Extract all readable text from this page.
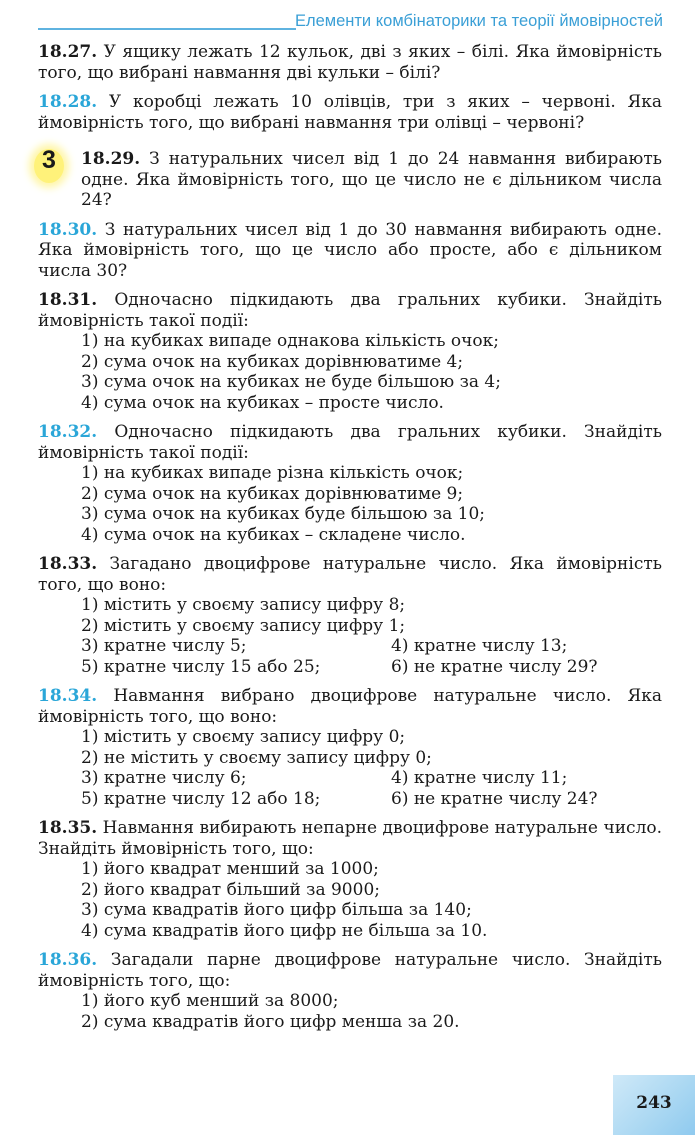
Елементи комбінаторики та теорії ймовірностей
18.27. У ящику лежать 12 кульок, дві з яких – білі. Яка ймовірність того, що вибрані навмання дві кульки – білі?
18.28. У коробці лежать 10 олівців, три з яких – червоні. Яка ймовірність того, що вибрані навмання три олівці – червоні?
3	18.29. З натуральних чисел від 1 до 24 навмання вибирають одне. Яка ймовірність того, що це число не є дільником числа 24?
18.30. З натуральних чисел від 1 до 30 навмання вибирають одне. Яка ймовірність того, що це число або просте, або є дільником числа 30?
18.31. Одночасно підкидають два гральних кубики. Знайдіть ймовірність такої події:
1) на кубиках випаде однакова кількість очок;
2) сума очок на кубиках дорівнюватиме 4;
3) сума очок на кубиках не буде більшою за 4;
4) сума очок на кубиках – просте число.
18.32. Одночасно підкидають два гральних кубики. Знайдіть ймовірність такої події:
1) на кубиках випаде різна кількість очок;
2) сума очок на кубиках дорівнюватиме 9;
3) сума очок на кубиках буде більшою за 10;
4) сума очок на кубиках – складене число.
18.33. Загадано двоцифрове натуральне число. Яка ймовірність того, що воно:
1) містить у своєму запису цифру 8;
2) містить у своєму запису цифру 1;
3) кратне числу 5;	4) кратне числу 13;
5) кратне числу 15 або 25;	6) не кратне числу 29?
18.34. Навмання вибрано двоцифрове натуральне число. Яка ймовірність того, що воно:
1) містить у своєму запису цифру 0;
2) не містить у своєму запису цифру 0;
3) кратне числу 6;	4) кратне числу 11;
5) кратне числу 12 або 18;	6) не кратне числу 24?
18.35. Навмання вибирають непарне двоцифрове натуральне число. Знайдіть ймовірність того, що:
1) його квадрат менший за 1000;
2) його квадрат більший за 9000;
3) сума квадратів його цифр більша за 140;
4) сума квадратів його цифр не більша за 10.
18.36. Загадали парне двоцифрове натуральне число. Знайдіть ймовірність того, що:
1) його куб менший за 8000;
2) сума квадратів його цифр менша за 20.
243
